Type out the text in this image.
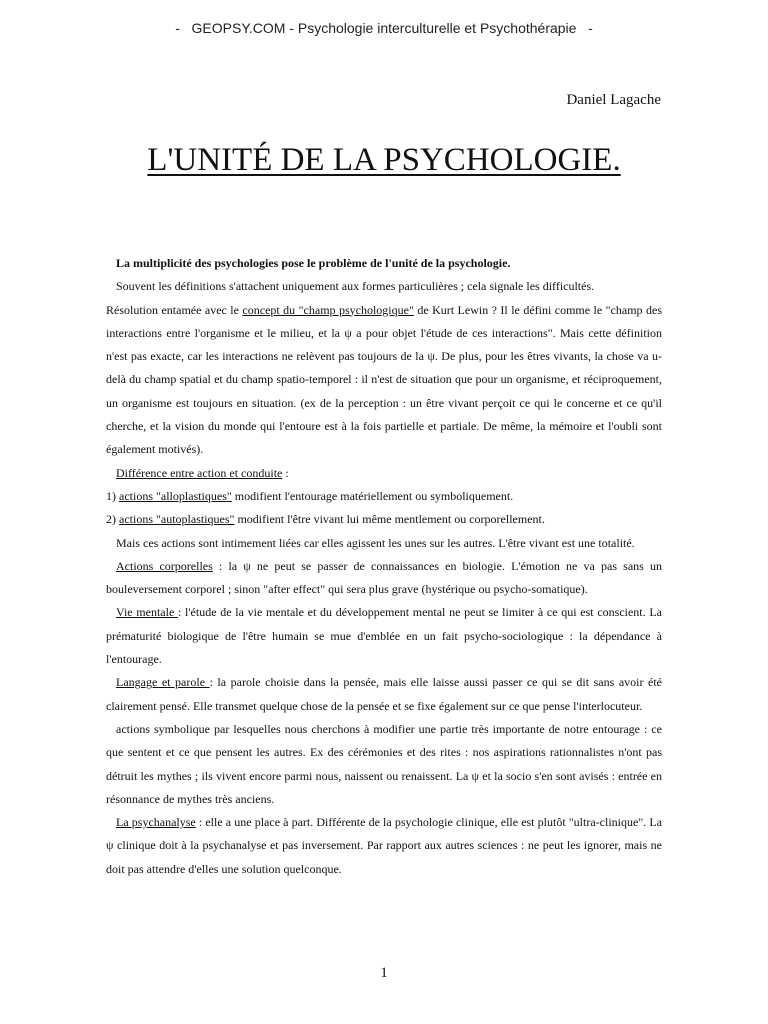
-   GEOPSY.COM - Psychologie interculturelle et Psychothérapie   -
Daniel Lagache
L'UNITÉ DE LA PSYCHOLOGIE.

La multiplicité des psychologies pose le problème de l'unité de la psychologie.

Souvent les définitions s'attachent uniquement aux formes particulières ; cela signale les difficultés.

Résolution entamée avec le concept du "champ psychologique" de Kurt Lewin ? Il le défini comme le "champ des interactions entre l'organisme et le milieu, et la ψ a pour objet l'étude de ces interactions". Mais cette définition n'est pas exacte, car les interactions ne relèvent pas toujours de la ψ. De plus, pour les êtres vivants, la chose va u-delà du champ spatial et du champ spatio-temporel : il n'est de situation que pour un organisme, et réciproquement, un organisme est toujours en situation. (ex de la perception : un être vivant perçoit ce qui le concerne et ce qu'il cherche, et la vision du monde qui l'entoure est à la fois partielle et partiale. De même, la mémoire et l'oubli sont également motivés).

Différence entre action et conduite :

1) actions "alloplastiques" modifient l'entourage matériellement ou symboliquement.

2) actions "autoplastiques" modifient l'être vivant lui même mentlement ou corporellement.

Mais ces actions sont intimement liées car elles agissent les unes sur les autres. L'être vivant est une totalité.

Actions corporelles : la ψ ne peut se passer de connaissances en biologie. L'émotion ne va pas sans un bouleversement corporel ; sinon "after effect" qui sera plus grave (hystérique ou psycho-somatique).

Vie mentale : l'étude de la vie mentale et du développement mental ne peut se limiter à ce qui est conscient. La prématurité biologique de l'être humain se mue d'emblée en un fait psycho-sociologique : la dépendance à l'entourage.

Langage et parole : la parole choisie dans la pensée, mais elle laisse aussi passer ce qui se dit sans avoir été clairement pensé. Elle transmet quelque chose de la pensée et se fixe également sur ce que pense l'interlocuteur.

actions symbolique par lesquelles nous cherchons à modifier une partie très importante de notre entourage : ce que sentent et ce que pensent les autres. Ex des cérémonies et des rites : nos aspirations rationnalistes n'ont pas détruit les mythes ; ils vivent encore parmi nous, naissent ou renaissent. La ψ et la socio s'en sont avisés : entrée en résonnance de mythes très anciens.

La psychanalyse : elle a une place à part. Différente de la psychologie clinique, elle est plutôt "ultra-clinique". La ψ clinique doit à la psychanalyse et pas inversement. Par rapport aux autres sciences : ne peut les ignorer, mais ne doit pas attendre d'elles une solution quelconque.

1
